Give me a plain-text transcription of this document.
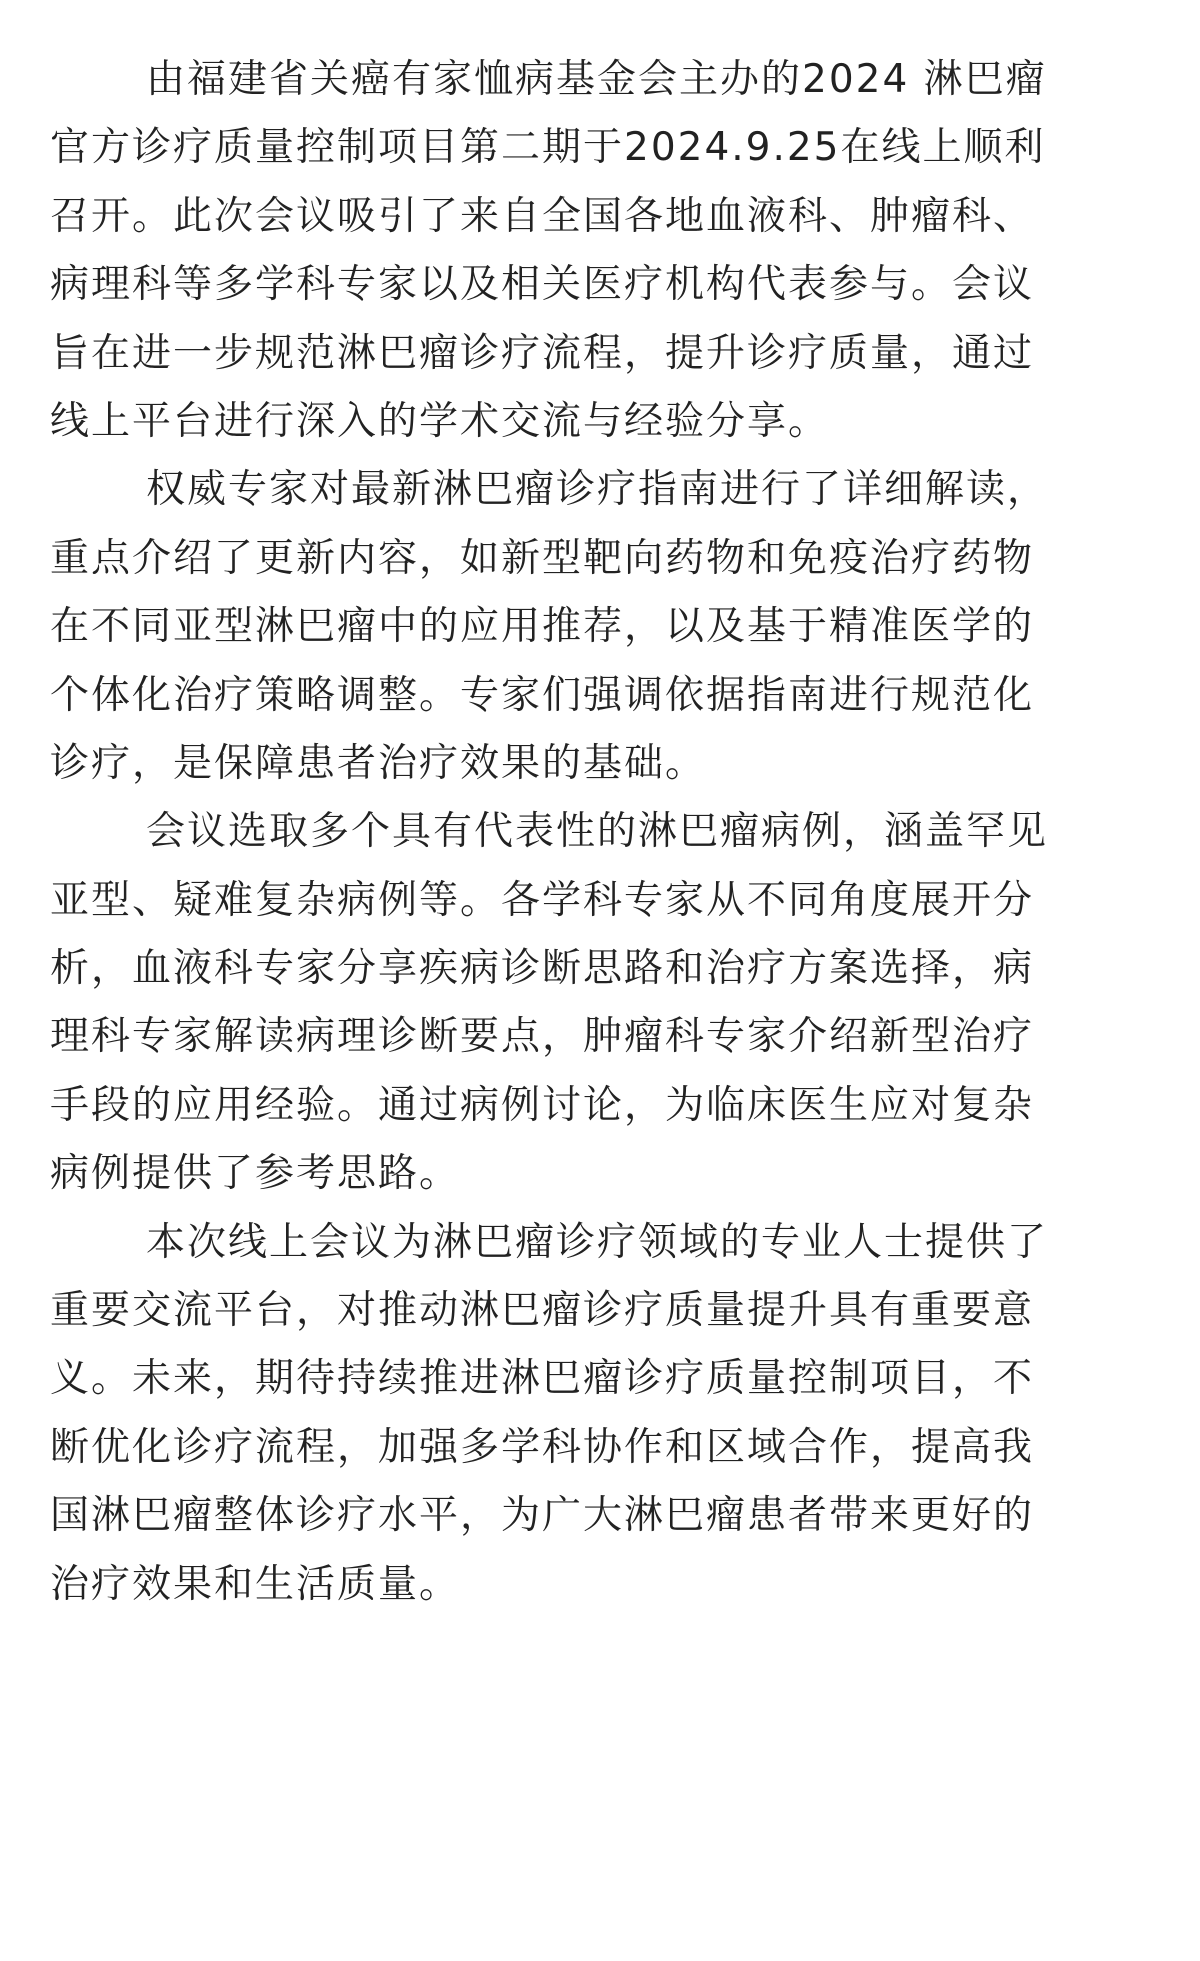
由福建省关癌有家恤病基金会主办的2024 淋巴瘤
官方诊疗质量控制项目第二期于2024.9.25在线上顺利
召开。此次会议吸引了来自全国各地血液科、肿瘤科、
病理科等多学科专家以及相关医疗机构代表参与。会议
旨在进一步规范淋巴瘤诊疗流程，提升诊疗质量，通过
线上平台进行深入的学术交流与经验分享。
权威专家对最新淋巴瘤诊疗指南进行了详细解读，
重点介绍了更新内容，如新型靶向药物和免疫治疗药物
在不同亚型淋巴瘤中的应用推荐，以及基于精准医学的
个体化治疗策略调整。专家们强调依据指南进行规范化
诊疗，是保障患者治疗效果的基础。
会议选取多个具有代表性的淋巴瘤病例，涵盖罕见
亚型、疑难复杂病例等。各学科专家从不同角度展开分
析，血液科专家分享疾病诊断思路和治疗方案选择，病
理科专家解读病理诊断要点，肿瘤科专家介绍新型治疗
手段的应用经验。通过病例讨论，为临床医生应对复杂
病例提供了参考思路。
本次线上会议为淋巴瘤诊疗领域的专业人士提供了
重要交流平台，对推动淋巴瘤诊疗质量提升具有重要意
义。未来，期待持续推进淋巴瘤诊疗质量控制项目，不
断优化诊疗流程，加强多学科协作和区域合作，提高我
国淋巴瘤整体诊疗水平，为广大淋巴瘤患者带来更好的
治疗效果和生活质量。
